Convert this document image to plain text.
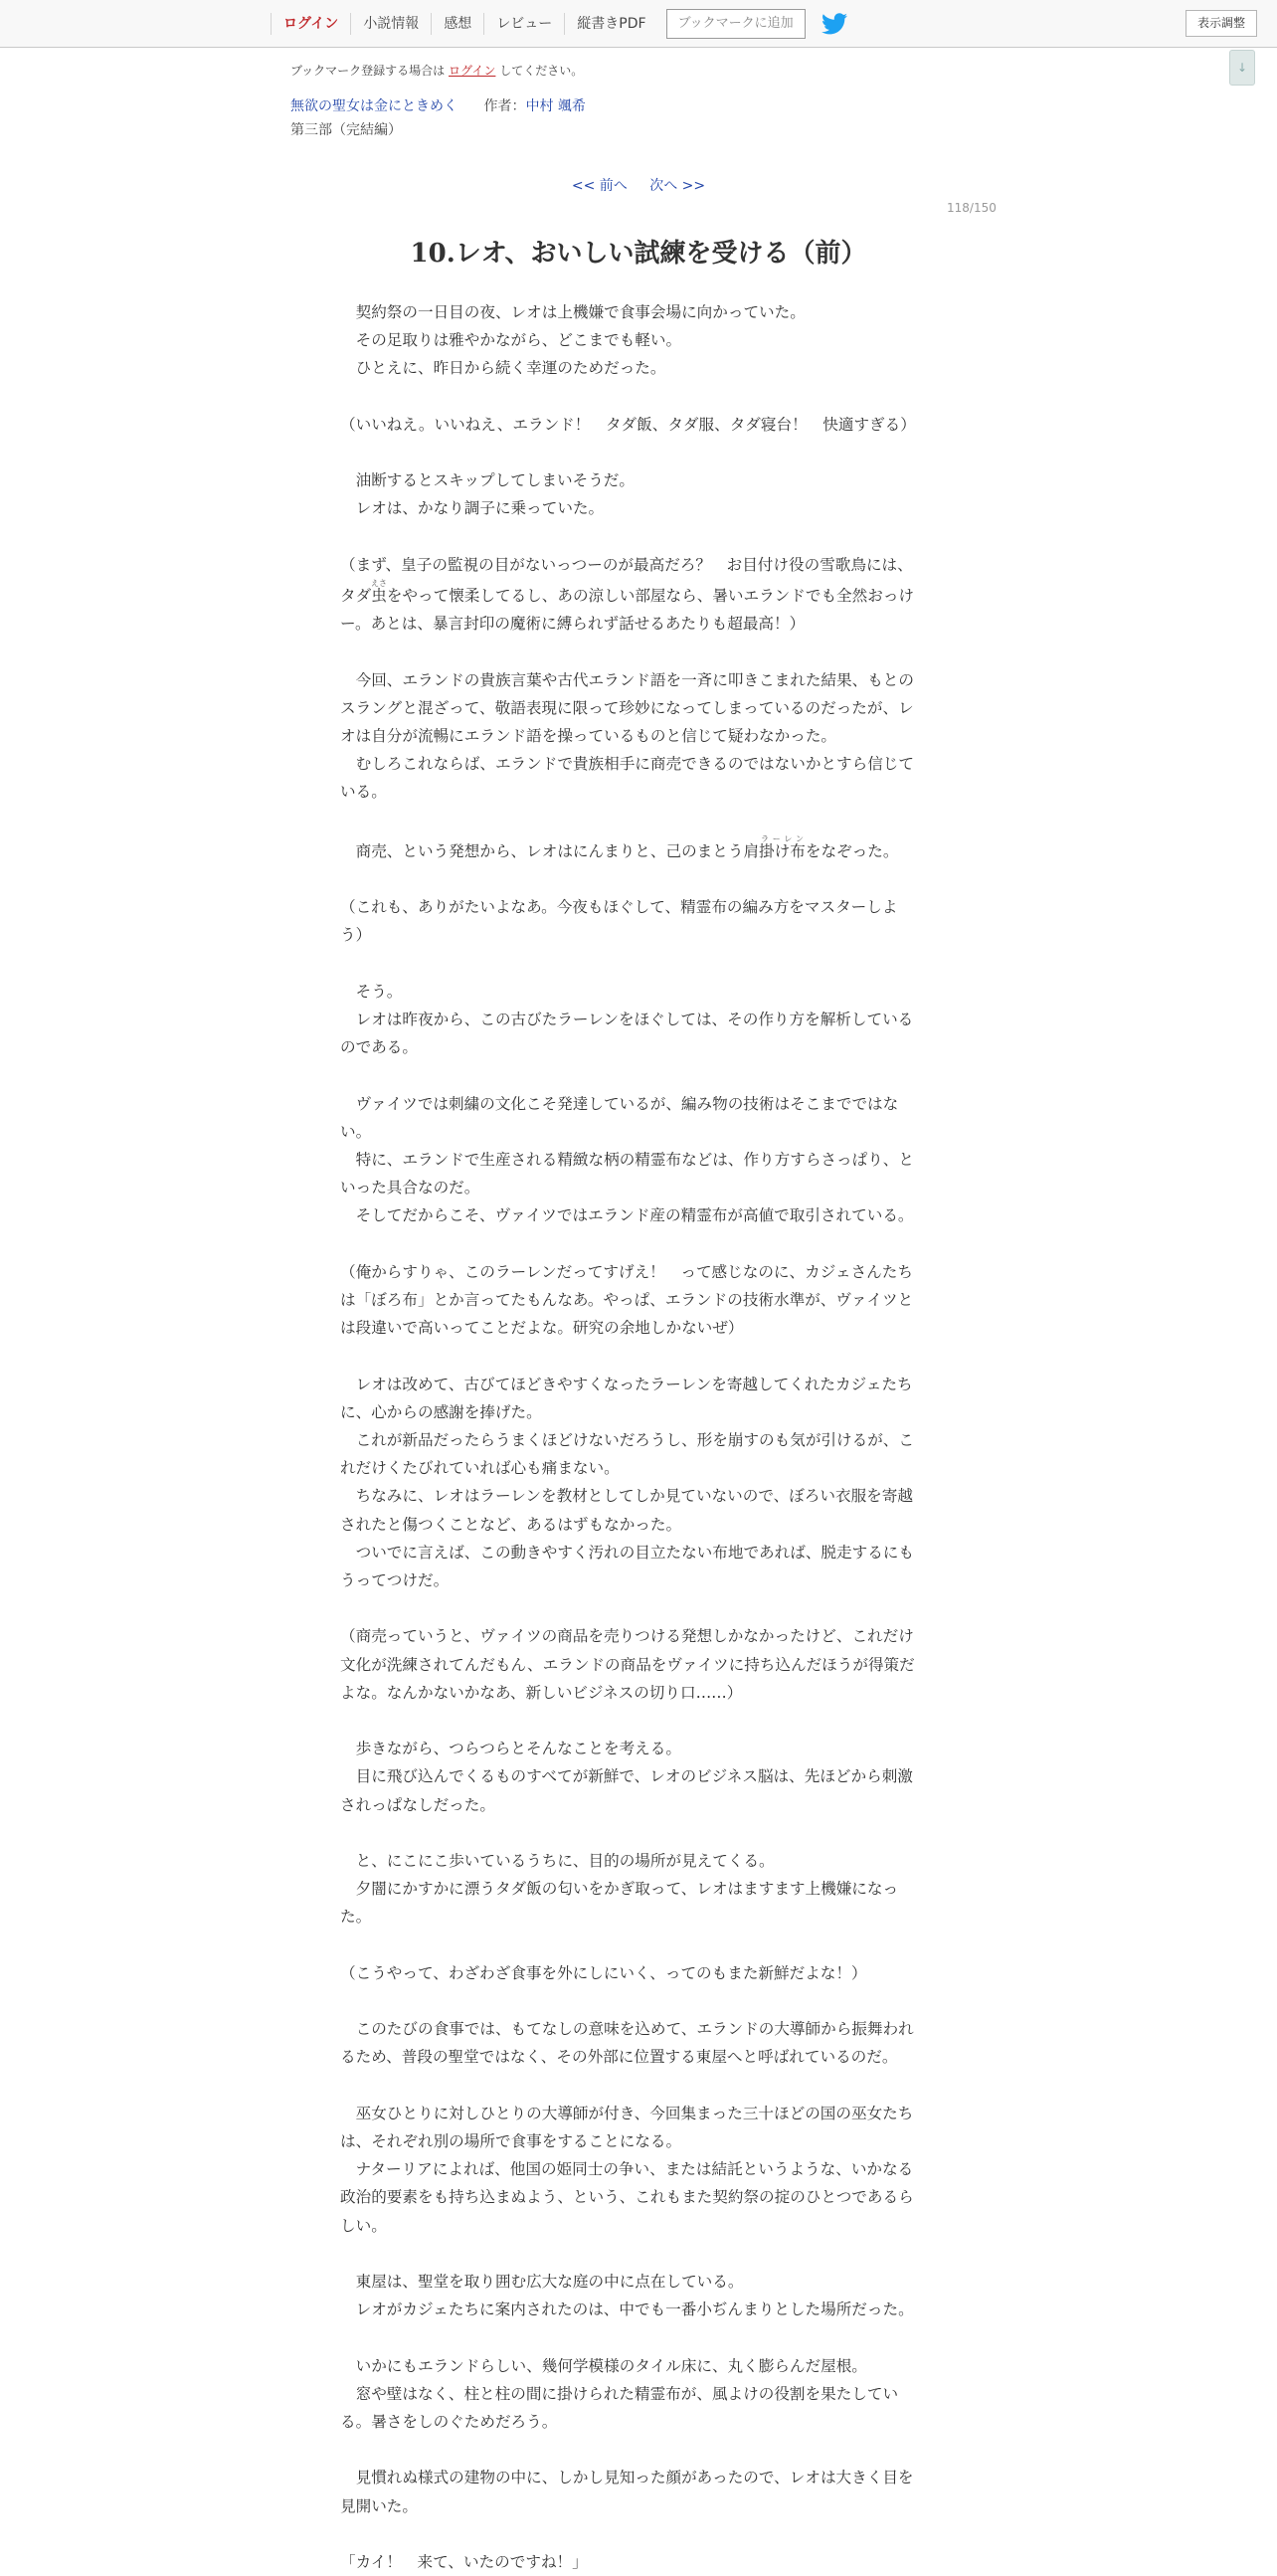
ログイン	小説情報	感想	レビュー	縦書きPDF	ブックマークに追加	表示調整
↓
ブックマーク登録する場合は ログイン してください。
無欲の聖女は金にときめく 作者：中村 颯希
第三部（完結編）
<< 前へ 次へ >>
118/150
10.レオ、おいしい試練を受ける（前）

　契約祭の一日目の夜、レオは上機嫌で食事会場に向かっていた。

　その足取りは雅やかながら、どこまでも軽い。

　ひとえに、昨日から続く幸運のためだった。

（いいねえ。いいねえ、エランド！　タダ飯、タダ服、タダ寝台！　快適すぎる）

　油断するとスキップしてしまいそうだ。

　レオは、かなり調子に乗っていた。

（まず、皇子の監視の目がないっつーのが最高だろ？　お目付け役の雪歌鳥には、

タダ虫えさをやって懐柔してるし、あの涼しい部屋なら、暑いエランドでも全然おっけ

ー。あとは、暴言封印の魔術に縛られず話せるあたりも超最高！）

　今回、エランドの貴族言葉や古代エランド語を一斉に叩きこまれた結果、もとの

スラングと混ざって、敬語表現に限って珍妙になってしまっているのだったが、レ

オは自分が流暢にエランド語を操っているものと信じて疑わなかった。

　むしろこれならば、エランドで貴族相手に商売できるのではないかとすら信じて

いる。

　商売、という発想から、レオはにんまりと、己のまとう肩掛け布ラーレンをなぞった。

（これも、ありがたいよなあ。今夜もほぐして、精霊布の編み方をマスターしよ

う）

　そう。

　レオは昨夜から、この古びたラーレンをほぐしては、その作り方を解析している

のである。

　ヴァイツでは刺繍の文化こそ発達しているが、編み物の技術はそこまでではな

い。

　特に、エランドで生産される精緻な柄の精霊布などは、作り方すらさっぱり、と

いった具合なのだ。

　そしてだからこそ、ヴァイツではエランド産の精霊布が高値で取引されている。

（俺からすりゃ、このラーレンだってすげえ！　って感じなのに、カジェさんたち

は「ぼろ布」とか言ってたもんなあ。やっぱ、エランドの技術水準が、ヴァイツと

は段違いで高いってことだよな。研究の余地しかないぜ）

　レオは改めて、古びてほどきやすくなったラーレンを寄越してくれたカジェたち

に、心からの感謝を捧げた。

　これが新品だったらうまくほどけないだろうし、形を崩すのも気が引けるが、こ

れだけくたびれていれば心も痛まない。

　ちなみに、レオはラーレンを教材としてしか見ていないので、ぼろい衣服を寄越

されたと傷つくことなど、あるはずもなかった。

　ついでに言えば、この動きやすく汚れの目立たない布地であれば、脱走するにも

うってつけだ。

（商売っていうと、ヴァイツの商品を売りつける発想しかなかったけど、これだけ

文化が洗練されてんだもん、エランドの商品をヴァイツに持ち込んだほうが得策だ

よな。なんかないかなあ、新しいビジネスの切り口……）

　歩きながら、つらつらとそんなことを考える。

　目に飛び込んでくるものすべてが新鮮で、レオのビジネス脳は、先ほどから刺激

されっぱなしだった。

　と、にこにこ歩いているうちに、目的の場所が見えてくる。

　夕闇にかすかに漂うタダ飯の匂いをかぎ取って、レオはますます上機嫌になっ

た。

（こうやって、わざわざ食事を外にしにいく、ってのもまた新鮮だよな！）

　このたびの食事では、もてなしの意味を込めて、エランドの大導師から振舞われ

るため、普段の聖堂ではなく、その外部に位置する東屋へと呼ばれているのだ。

　巫女ひとりに対しひとりの大導師が付き、今回集まった三十ほどの国の巫女たち

は、それぞれ別の場所で食事をすることになる。

　ナターリアによれば、他国の姫同士の争い、または結託というような、いかなる

政治的要素をも持ち込まぬよう、という、これもまた契約祭の掟のひとつであるら

しい。

　東屋は、聖堂を取り囲む広大な庭の中に点在している。

　レオがカジェたちに案内されたのは、中でも一番小ぢんまりとした場所だった。

　いかにもエランドらしい、幾何学模様のタイル床に、丸く膨らんだ屋根。

　窓や壁はなく、柱と柱の間に掛けられた精霊布が、風よけの役割を果たしてい

る。暑さをしのぐためだろう。

　見慣れぬ様式の建物の中に、しかし見知った顔があったので、レオは大きく目を

見開いた。

「カイ！　来て、いたのですね！」
